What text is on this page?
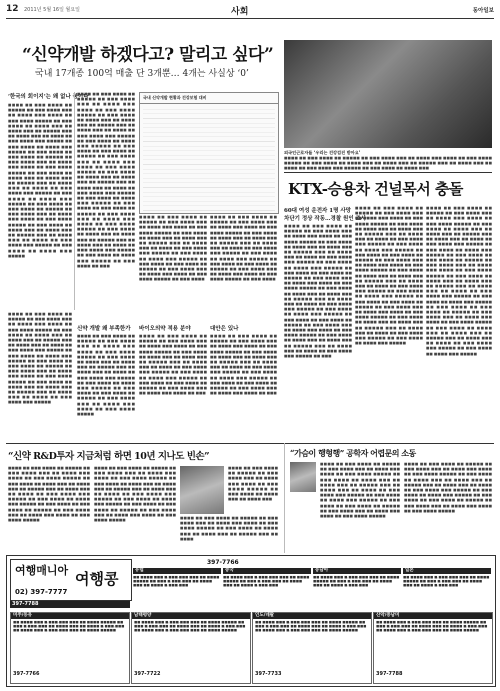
12 2011년 5월 16일 월요일	사회	동아일보
“신약개발 하겠다고? 말리고 싶다”
국내 17개종 100억 매출 단 3개뿐… 4개는 사실상 ‘0’
‘한국의 회이지’는 왜 없나 붐이나
■■■■ ■■ ■■■ ■■■■ ■■ ■■■■■ ■■ ■■■ ■■■■ ■■■ ■■ ■■■■ ■■■ ■■■■ ■■ ■■■ ■■■■ ■■■■■ ■■ ■■■ ■■■■ ■■ ■■■■ ■■■ ■■ ■■■■ ■■■ ■■ ■■■■■ ■■■ ■■ ■■■■ ■■■ ■■ ■■■■ ■■ ■■■ ■■■■ ■■■ ■■■■■ ■■ ■■■ ■■■■ ■■ ■■■■ ■■■ ■■■■■ ■■ ■■■ ■■■■ ■■ ■■■ ■■■■ ■■ ■■■■■ ■■ ■■■ ■■■■ ■■■ ■■ ■■■■ ■■■ ■■■■ ■■ ■■■ ■■■■ ■■■■■ ■■ ■■■ ■■■■ ■■ ■■■■ ■■■ ■■ ■■■■ ■■■ ■■ ■■■■■ ■■■ ■■ ■■■■ ■■■ ■■ ■■■■ ■■ ■■■ ■■■■ ■■■ ■■■■■ ■■ ■■■ ■■■■ ■■ ■■■■ ■■■ ■■■■■ ■■ ■■■ ■■■■ ■■ ■■■ ■■■■ ■■ ■■■■■ ■■ ■■■ ■■■■ ■■■ ■■ ■■■■ ■■■ ■■■■ ■■ ■■■ ■■■■ ■■■■■ ■■ ■■■ ■■■■ ■■ ■■■■ ■■■ ■■ ■■■■ ■■■ ■■ ■■■■■ ■■■ ■■ ■■■■ ■■■ ■■ ■■■■ ■■ ■■■ ■■■■ ■■■ ■■■■■ ■■ ■■■ ■■■■ ■■ ■■■■ ■■■ ■■■■■
■■■■ ■■ ■■■ ■■■■ ■■ ■■■■■ ■■ ■■■ ■■■■ ■■■ ■■ ■■■■ ■■■ ■■■■ ■■ ■■■ ■■■■ ■■■■■ ■■ ■■■ ■■■■ ■■ ■■■■ ■■■ ■■ ■■■■ ■■■ ■■ ■■■■■ ■■■ ■■ ■■■■ ■■■ ■■ ■■■■ ■■ ■■■ ■■■■ ■■■ ■■■■■ ■■ ■■■ ■■■■ ■■ ■■■■ ■■■ ■■■■■ ■■ ■■■ ■■■■ ■■ ■■■ ■■■■ ■■ ■■■■■ ■■ ■■■ ■■■■ ■■■ ■■ ■■■■ ■■■ ■■■■ ■■ ■■■ ■■■■ ■■■■■ ■■ ■■■ ■■■■ ■■ ■■■■ ■■■ ■■ ■■■■ ■■■ ■■ ■■■■■ ■■■ ■■ ■■■■ ■■■ ■■ ■■■■ ■■ ■■■ ■■■■ ■■■ ■■■■■ ■■ ■■■ ■■■■ ■■ ■■■■ ■■■ ■■■■■ ■■ ■■■ ■■■■ ■■ ■■■ ■■■■ ■■ ■■■■■ ■■ ■■■ ■■■■ ■■■ ■■ ■■■■ ■■■ ■■■■ ■■ ■■■ ■■■■ ■■■■■ ■■ ■■■ ■■■■ ■■ ■■■■ ■■■ ■■ ■■■■ ■■■ ■■ ■■■■■ ■■■ ■■ ■■■■ ■■■ ■■ ■■■■ ■■ ■■■ ■■■■ ■■■ ■■■■■ ■■ ■■■ ■■■■ ■■ ■■■■ ■■■ ■■■■■ ■■ ■■■ ■■■■ ■■ ■■■
국내 신약개발 현황과 건강보험 대비
■■■■ ■■ ■■■ ■■■■ ■■ ■■■■■ ■■ ■■■ ■■■■ ■■■ ■■ ■■■■ ■■■ ■■■■ ■■ ■■■ ■■■■ ■■■■■ ■■ ■■■ ■■■■ ■■ ■■■■ ■■■ ■■ ■■■■ ■■■ ■■ ■■■■■ ■■■ ■■ ■■■■ ■■■ ■■ ■■■■ ■■ ■■■ ■■■■ ■■■ ■■■■■ ■■ ■■■ ■■■■ ■■ ■■■■ ■■■ ■■■■■ ■■ ■■■ ■■■■ ■■ ■■■ ■■■■ ■■ ■■■■■ ■■ ■■■ ■■■■ ■■■ ■■ ■■■■ ■■■ ■■■■ ■■ ■■■ ■■■■ ■■■■■ ■■ ■■■ ■■■■
■■■■ ■■ ■■■ ■■■■ ■■ ■■■■■ ■■ ■■■ ■■■■ ■■■ ■■ ■■■■ ■■■ ■■■■ ■■ ■■■ ■■■■ ■■■■■ ■■ ■■■ ■■■■ ■■ ■■■■ ■■■ ■■ ■■■■ ■■■ ■■ ■■■■■ ■■■ ■■ ■■■■ ■■■ ■■ ■■■■ ■■ ■■■ ■■■■ ■■■ ■■■■■ ■■ ■■■ ■■■■ ■■ ■■■■ ■■■ ■■■■■ ■■ ■■■ ■■■■ ■■ ■■■ ■■■■ ■■ ■■■■■ ■■ ■■■ ■■■■ ■■■ ■■ ■■■■ ■■■ ■■■■ ■■ ■■■ ■■■■ ■■■■■ ■■ ■■■ ■■■■
신약 개발 왜 부족한가	바이오의약 적용 분야	대안은 있나
■■■■ ■■ ■■■ ■■■■ ■■ ■■■■■ ■■ ■■■ ■■■■ ■■■ ■■ ■■■■ ■■■ ■■■■ ■■ ■■■ ■■■■ ■■■■■ ■■ ■■■ ■■■■ ■■ ■■■■ ■■■ ■■ ■■■■ ■■■ ■■ ■■■■■ ■■■ ■■ ■■■■ ■■■ ■■ ■■■■ ■■ ■■■ ■■■■ ■■■ ■■■■■ ■■ ■■■ ■■■■ ■■ ■■■■ ■■■ ■■■■■ ■■ ■■■ ■■■■ ■■ ■■■ ■■■■ ■■ ■■■■■ ■■ ■■■ ■■■■ ■■■ ■■ ■■■■ ■■■ ■■■■ ■■ ■■■ ■■■■ ■■■■■ ■■ ■■■ ■■■■ ■■ ■■■■ ■■■ ■■ ■■■■ ■■■ ■■ ■■■■■ ■■■ ■■ ■■■■ ■■■ ■■ ■■■■ ■■ ■■■ ■■■■ ■■■ ■■■■■
■■■■ ■■ ■■■ ■■■■ ■■ ■■■■■ ■■ ■■■ ■■■■ ■■■ ■■ ■■■■ ■■■ ■■■■ ■■ ■■■ ■■■■ ■■■■■ ■■ ■■■ ■■■■ ■■ ■■■■ ■■■ ■■ ■■■■ ■■■ ■■ ■■■■■ ■■■ ■■ ■■■■ ■■■ ■■ ■■■■ ■■ ■■■ ■■■■ ■■■ ■■■■■ ■■ ■■■ ■■■■ ■■ ■■■■ ■■■ ■■■■■ ■■ ■■■ ■■■■ ■■ ■■■ ■■■■ ■■ ■■■■■ ■■ ■■■ ■■■■ ■■■ ■■ ■■■■ ■■■ ■■■■ ■■ ■■■ ■■■■ ■■■■■
■■■■ ■■ ■■■ ■■■■ ■■ ■■■■■ ■■ ■■■ ■■■■ ■■■ ■■ ■■■■ ■■■ ■■■■ ■■ ■■■ ■■■■ ■■■■■ ■■ ■■■ ■■■■ ■■ ■■■■ ■■■ ■■ ■■■■ ■■■ ■■ ■■■■■ ■■■ ■■ ■■■■ ■■■ ■■ ■■■■ ■■ ■■■ ■■■■ ■■■ ■■■■■ ■■ ■■■ ■■■■ ■■ ■■■■ ■■■ ■■■■■ ■■ ■■■ ■■■■ ■■ ■■■ ■■■■ ■■ ■■■■■ ■■ ■■■ ■■■■ ■■■ ■■ ■■■■ ■■■ ■■■■ ■■ ■■■
■■■■ ■■ ■■■ ■■■■ ■■ ■■■■■ ■■ ■■■ ■■■■ ■■■ ■■ ■■■■ ■■■ ■■■■ ■■ ■■■ ■■■■ ■■■■■ ■■ ■■■ ■■■■ ■■ ■■■■ ■■■ ■■ ■■■■ ■■■ ■■ ■■■■■ ■■■ ■■ ■■■■ ■■■ ■■ ■■■■ ■■ ■■■ ■■■■ ■■■ ■■■■■ ■■ ■■■ ■■■■ ■■ ■■■■ ■■■ ■■■■■ ■■ ■■■ ■■■■ ■■ ■■■ ■■■■ ■■ ■■■■■ ■■ ■■■ ■■■■ ■■■ ■■ ■■■■ ■■■ ■■■■ ■■ ■■■
외국인근로자들 ‘우리는 건강검진 받아요’
■■■■ ■■ ■■■ ■■■■ ■■ ■■■■■ ■■ ■■■ ■■■■ ■■■ ■■ ■■■■ ■■■ ■■■■ ■■ ■■■ ■■■■ ■■■■■ ■■ ■■■ ■■■■ ■■ ■■■■ ■■■ ■■ ■■■■ ■■■ ■■ ■■■■■ ■■■ ■■ ■■■■ ■■■ ■■ ■■■■ ■■ ■■■ ■■■■ ■■■ ■■■■■ ■■ ■■■ ■■■■ ■■ ■■■■ ■■■
KTX-승용차 건널목서 충돌
60대 여성 운전자 1명 사망
차단기 정상 작동…경찰 원인 조사
■■■■ ■■ ■■■ ■■■■ ■■ ■■■■■ ■■ ■■■ ■■■■ ■■■ ■■ ■■■■ ■■■ ■■■■ ■■ ■■■ ■■■■ ■■■■■ ■■ ■■■ ■■■■ ■■ ■■■■ ■■■ ■■ ■■■■ ■■■ ■■ ■■■■■ ■■■ ■■ ■■■■ ■■■ ■■ ■■■■ ■■ ■■■ ■■■■ ■■■ ■■■■■ ■■ ■■■ ■■■■ ■■ ■■■■ ■■■ ■■■■■ ■■ ■■■ ■■■■ ■■ ■■■ ■■■■ ■■ ■■■■■ ■■ ■■■ ■■■■ ■■■ ■■ ■■■■ ■■■ ■■■■ ■■ ■■■ ■■■■ ■■■■■ ■■ ■■■ ■■■■ ■■ ■■■■ ■■■ ■■ ■■■■ ■■■ ■■ ■■■■■ ■■■ ■■ ■■■■ ■■■ ■■ ■■■■ ■■ ■■■ ■■■■ ■■■ ■■■■■ ■■ ■■■ ■■■■ ■■ ■■■■ ■■■ ■■■■■ ■■ ■■■ ■■■■ ■■ ■■■ ■■■■ ■■ ■■■■■ ■■ ■■■ ■■■■ ■■■ ■■ ■■■■ ■■■ ■■■■ ■■ ■■■ ■■■■ ■■■■■ ■■ ■■■ ■■■■ ■■ ■■■■ ■■■ ■■ ■■■■ ■■■ ■■ ■■■■■ ■■■ ■■ ■■■■ ■■■ ■■ ■■■■ ■■ ■■■ ■■■■ ■■■ ■■■■■ ■■ ■■■
■■■■ ■■ ■■■ ■■■■ ■■ ■■■■■ ■■ ■■■ ■■■■ ■■■ ■■ ■■■■ ■■■ ■■■■ ■■ ■■■ ■■■■ ■■■■■ ■■ ■■■ ■■■■ ■■ ■■■■ ■■■ ■■ ■■■■ ■■■ ■■ ■■■■■ ■■■ ■■ ■■■■ ■■■ ■■ ■■■■ ■■ ■■■ ■■■■ ■■■ ■■■■■ ■■ ■■■ ■■■■ ■■ ■■■■ ■■■ ■■■■■ ■■ ■■■ ■■■■ ■■ ■■■ ■■■■ ■■ ■■■■■ ■■ ■■■ ■■■■ ■■■ ■■ ■■■■ ■■■ ■■■■ ■■ ■■■ ■■■■ ■■■■■ ■■ ■■■ ■■■■ ■■ ■■■■ ■■■ ■■ ■■■■ ■■■ ■■ ■■■■■ ■■■ ■■ ■■■■ ■■■ ■■ ■■■■ ■■ ■■■ ■■■■ ■■■ ■■■■■ ■■ ■■■ ■■■■ ■■ ■■■■ ■■■ ■■■■■ ■■ ■■■ ■■■■ ■■ ■■■ ■■■■ ■■ ■■■■■ ■■ ■■■ ■■■■ ■■■ ■■ ■■■■ ■■■ ■■■■ ■■ ■■■ ■■■■ ■■■■■ ■■ ■■■ ■■■■ ■■ ■■■■ ■■■ ■■ ■■■■ ■■■ ■■ ■■■■■ ■■■ ■■ ■■■■ ■■■ ■■ ■■■■ ■■ ■■■ ■■■■ ■■■ ■■■■■ ■■ ■■■ ■■■■ ■■ ■■■■ ■■■ ■■■■■
■■■■ ■■ ■■■ ■■■■ ■■ ■■■■■ ■■ ■■■ ■■■■ ■■■ ■■ ■■■■ ■■■ ■■■■ ■■ ■■■ ■■■■ ■■■■■ ■■ ■■■ ■■■■ ■■ ■■■■ ■■■ ■■ ■■■■ ■■■ ■■ ■■■■■ ■■■ ■■ ■■■■ ■■■ ■■ ■■■■ ■■ ■■■ ■■■■ ■■■ ■■■■■ ■■ ■■■ ■■■■ ■■ ■■■■ ■■■ ■■■■■ ■■ ■■■ ■■■■ ■■ ■■■ ■■■■ ■■ ■■■■■ ■■ ■■■ ■■■■ ■■■ ■■ ■■■■ ■■■ ■■■■ ■■ ■■■ ■■■■ ■■■■■ ■■ ■■■ ■■■■ ■■ ■■■■ ■■■ ■■ ■■■■ ■■■ ■■ ■■■■■ ■■■ ■■ ■■■■ ■■■ ■■ ■■■■ ■■ ■■■ ■■■■ ■■■ ■■■■■ ■■ ■■■ ■■■■ ■■ ■■■■ ■■■ ■■■■■ ■■ ■■■ ■■■■ ■■ ■■■ ■■■■ ■■ ■■■■■ ■■ ■■■ ■■■■ ■■■ ■■ ■■■■ ■■■ ■■■■ ■■ ■■■ ■■■■ ■■■■■ ■■ ■■■ ■■■■ ■■ ■■■■ ■■■ ■■ ■■■■ ■■■ ■■ ■■■■■ ■■■ ■■ ■■■■ ■■■ ■■ ■■■■ ■■ ■■■ ■■■■ ■■■ ■■■■■ ■■ ■■■ ■■■■ ■■ ■■■■ ■■■ ■■■■■
“신약 R&D투자 지금처럼 하면 10년 지나도 빈손”
■■■■ ■■ ■■■ ■■■■ ■■ ■■■■■ ■■ ■■■ ■■■■ ■■■ ■■ ■■■■ ■■■ ■■■■ ■■ ■■■ ■■■■ ■■■■■ ■■ ■■■ ■■■■ ■■ ■■■■ ■■■ ■■ ■■■■ ■■■ ■■ ■■■■■ ■■■ ■■ ■■■■ ■■■ ■■ ■■■■ ■■ ■■■ ■■■■ ■■■ ■■■■■ ■■ ■■■ ■■■■ ■■ ■■■■ ■■■ ■■■■■ ■■ ■■■ ■■■■ ■■ ■■■ ■■■■ ■■ ■■■■■ ■■ ■■■ ■■■■ ■■■ ■■ ■■■■ ■■■ ■■■■ ■■ ■■■ ■■■■ ■■■■■
■■■■ ■■ ■■■ ■■■■ ■■ ■■■■■ ■■ ■■■ ■■■■ ■■■ ■■ ■■■■ ■■■ ■■■■ ■■ ■■■ ■■■■ ■■■■■ ■■ ■■■ ■■■■ ■■ ■■■■ ■■■ ■■ ■■■■ ■■■ ■■ ■■■■■ ■■■ ■■ ■■■■ ■■■ ■■ ■■■■ ■■ ■■■ ■■■■ ■■■ ■■■■■ ■■ ■■■ ■■■■ ■■ ■■■■ ■■■ ■■■■■ ■■ ■■■ ■■■■ ■■ ■■■ ■■■■ ■■ ■■■■■ ■■ ■■■ ■■■■ ■■■ ■■ ■■■■ ■■■ ■■■■ ■■ ■■■ ■■■■ ■■■■■
■■■■ ■■ ■■■ ■■■■ ■■ ■■■■■ ■■ ■■■ ■■■■ ■■■ ■■ ■■■■ ■■■ ■■■■ ■■ ■■■ ■■■■ ■■■■■ ■■ ■■■ ■■■■ ■■ ■■■■ ■■■ ■■ ■■■■ ■■■ ■■ ■■■■■ ■■■ ■■ ■■■■
■■■■ ■■ ■■■ ■■■■ ■■ ■■■■■ ■■ ■■■ ■■■■ ■■■ ■■ ■■■■ ■■■ ■■■■ ■■ ■■■ ■■■■ ■■■■■ ■■ ■■■ ■■■■ ■■ ■■■■ ■■■ ■■ ■■■■ ■■■
“가슴이 행형행” 공학자 어렵문의 소동
■■■■ ■■ ■■■ ■■■■ ■■ ■■■■■ ■■ ■■■ ■■■■ ■■■ ■■ ■■■■ ■■■ ■■■■ ■■ ■■■ ■■■■ ■■■■■ ■■ ■■■ ■■■■ ■■ ■■■■ ■■■ ■■ ■■■■ ■■■ ■■ ■■■■■ ■■■ ■■ ■■■■ ■■■ ■■ ■■■■ ■■ ■■■ ■■■■ ■■■ ■■■■■ ■■ ■■■ ■■■■ ■■ ■■■■ ■■■ ■■■■■ ■■ ■■■ ■■■■ ■■ ■■■ ■■■■ ■■ ■■■■■ ■■ ■■■ ■■■■ ■■■ ■■ ■■■■ ■■■ ■■■■ ■■ ■■■ ■■■■ ■■■■■
■■■■ ■■ ■■■ ■■■■ ■■ ■■■■■ ■■ ■■■ ■■■■ ■■■ ■■ ■■■■ ■■■ ■■■■ ■■ ■■■ ■■■■ ■■■■■ ■■ ■■■ ■■■■ ■■ ■■■■ ■■■ ■■ ■■■■ ■■■ ■■ ■■■■■ ■■■ ■■ ■■■■ ■■■ ■■ ■■■■ ■■ ■■■ ■■■■ ■■■ ■■■■■ ■■ ■■■ ■■■■ ■■ ■■■■ ■■■ ■■■■■ ■■ ■■■ ■■■■ ■■ ■■■ ■■■■ ■■ ■■■■■ ■■ ■■■ ■■■■ ■■■ ■■ ■■■■ ■■■ ■■■■ ■■ ■■■ ■■■■ ■■■■■
여행매니아 여행콩
02) 397-7777
397-7788
397-7766
유럽
■■ ■■■■ ■■■ ■,■■■,■■■ ■■■ ■■ ■■■■ ■■■■■ ■■ ■■■ ■,■■■,■■■ ■■ ■■■■ ■■■ ■■ ■■■■ ■,■■■,■■■
중국
■■ ■■■■ ■■■ ■,■■■,■■■ ■■■ ■■ ■■■■ ■■■■■ ■■ ■■■ ■,■■■,■■■ ■■ ■■■■ ■■■ ■■ ■■■■ ■,■■■,■■■
동남아
■■ ■■■■ ■■■ ■,■■■,■■■ ■■■ ■■ ■■■■ ■■■■■ ■■ ■■■ ■,■■■,■■■ ■■ ■■■■ ■■■ ■■ ■■■■ ■,■■■,■■■
일본
■■ ■■■■ ■■■ ■,■■■,■■■ ■■■ ■■ ■■■■ ■■■■■ ■■ ■■■ ■,■■■,■■■ ■■ ■■■■ ■■■ ■■ ■■■■ ■,■■■,■■■
미주/동유
■■ ■■■■ ■■■ ■,■■■,■■■ ■■■ ■■ ■■■■ ■■■■■ ■■ ■■■ ■,■■■,■■■ ■■ ■■■■ ■■■ ■■ ■■■■ ■,■■■,■■■ ■■ ■■■■ ■■■ ■,■■■,■■■ ■■■ ■■ ■■■■ ■■■■■
397-7766
남태평양
■■ ■■■■ ■■■ ■,■■■,■■■ ■■■ ■■ ■■■■ ■■■■■ ■■ ■■■ ■,■■■,■■■ ■■ ■■■■ ■■■ ■■ ■■■■ ■,■■■,■■■ ■■ ■■■■ ■■■ ■,■■■,■■■ ■■■ ■■ ■■■■ ■■■■■
397-7722
인도/네팔
■■ ■■■■ ■■■ ■,■■■,■■■ ■■■ ■■ ■■■■ ■■■■■ ■■ ■■■ ■,■■■,■■■ ■■ ■■■■ ■■■ ■■ ■■■■ ■,■■■,■■■ ■■ ■■■■ ■■■ ■,■■■,■■■ ■■■ ■■ ■■■■ ■■■■■
397-7733
산악/중남미
■■ ■■■■ ■■■ ■,■■■,■■■ ■■■ ■■ ■■■■ ■■■■■ ■■ ■■■ ■,■■■,■■■ ■■ ■■■■ ■■■ ■■ ■■■■ ■,■■■,■■■ ■■ ■■■■ ■■■ ■,■■■,■■■ ■■■ ■■ ■■■■ ■■■■■
397-7788
